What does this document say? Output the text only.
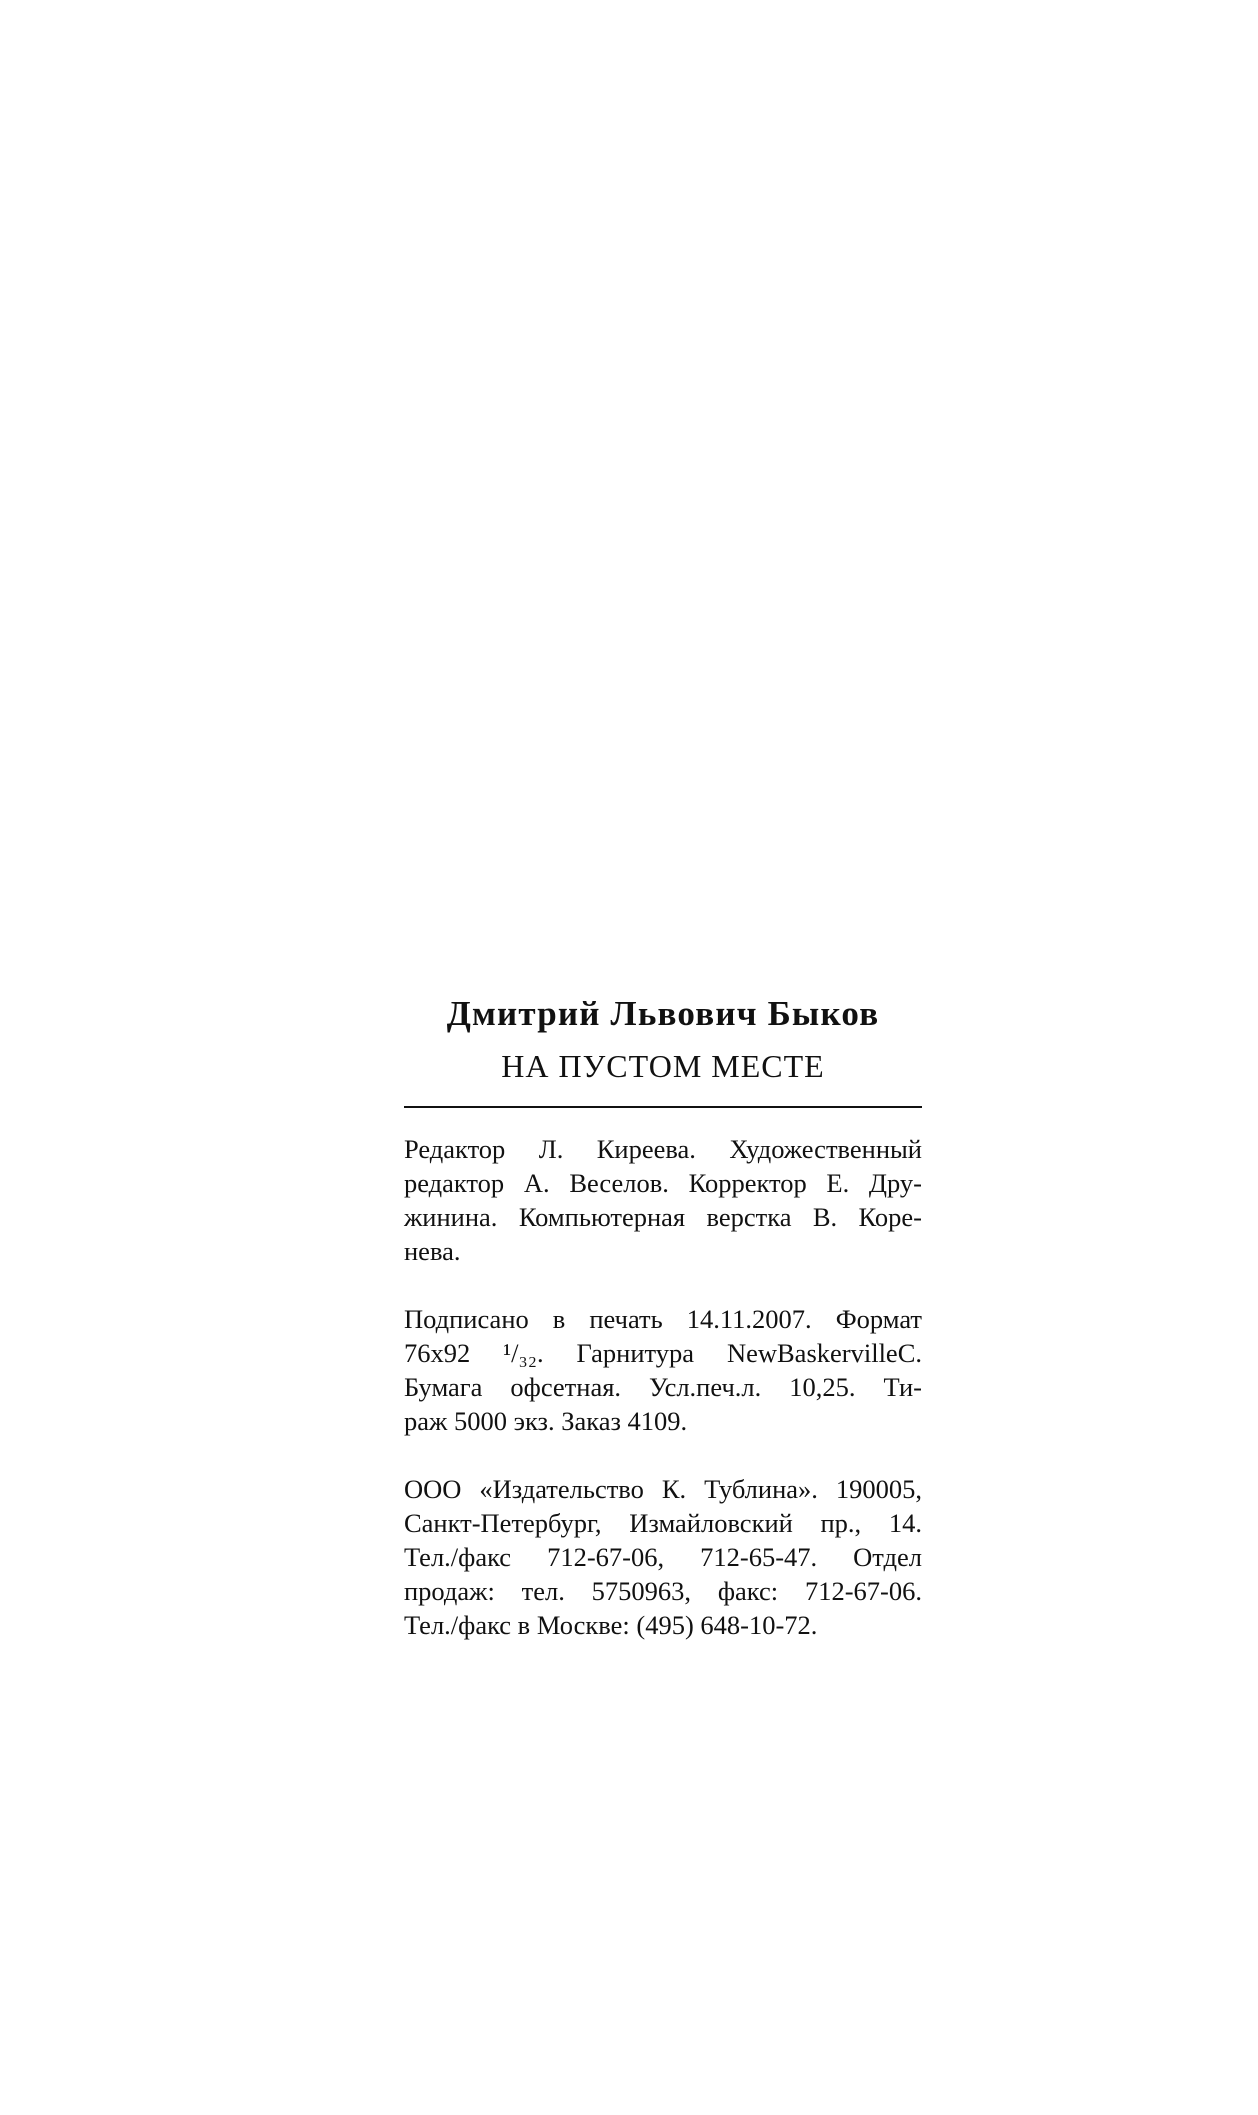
Дмитрий Львович Быков

НА ПУСТОМ МЕСТЕ

Редактор Л. Киреева. Художественный
редактор А. Веселов. Корректор Е. Дру-
жинина. Компьютерная верстка В. Коре-
нева.

Подписано в печать 14.11.2007. Формат
76х92 ¹/₃₂. Гарнитура NewBaskervilleC.
Бумага офсетная. Усл.печ.л. 10,25. Ти-
раж 5000 экз. Заказ 4109.

ООО «Издательство К. Тублина». 190005,
Санкт-Петербург, Измайловский пр., 14.
Тел./факс 712-67-06, 712-65-47. Отдел
продаж: тел. 5750963, факс: 712-67-06.
Тел./факс в Москве: (495) 648-10-72.
